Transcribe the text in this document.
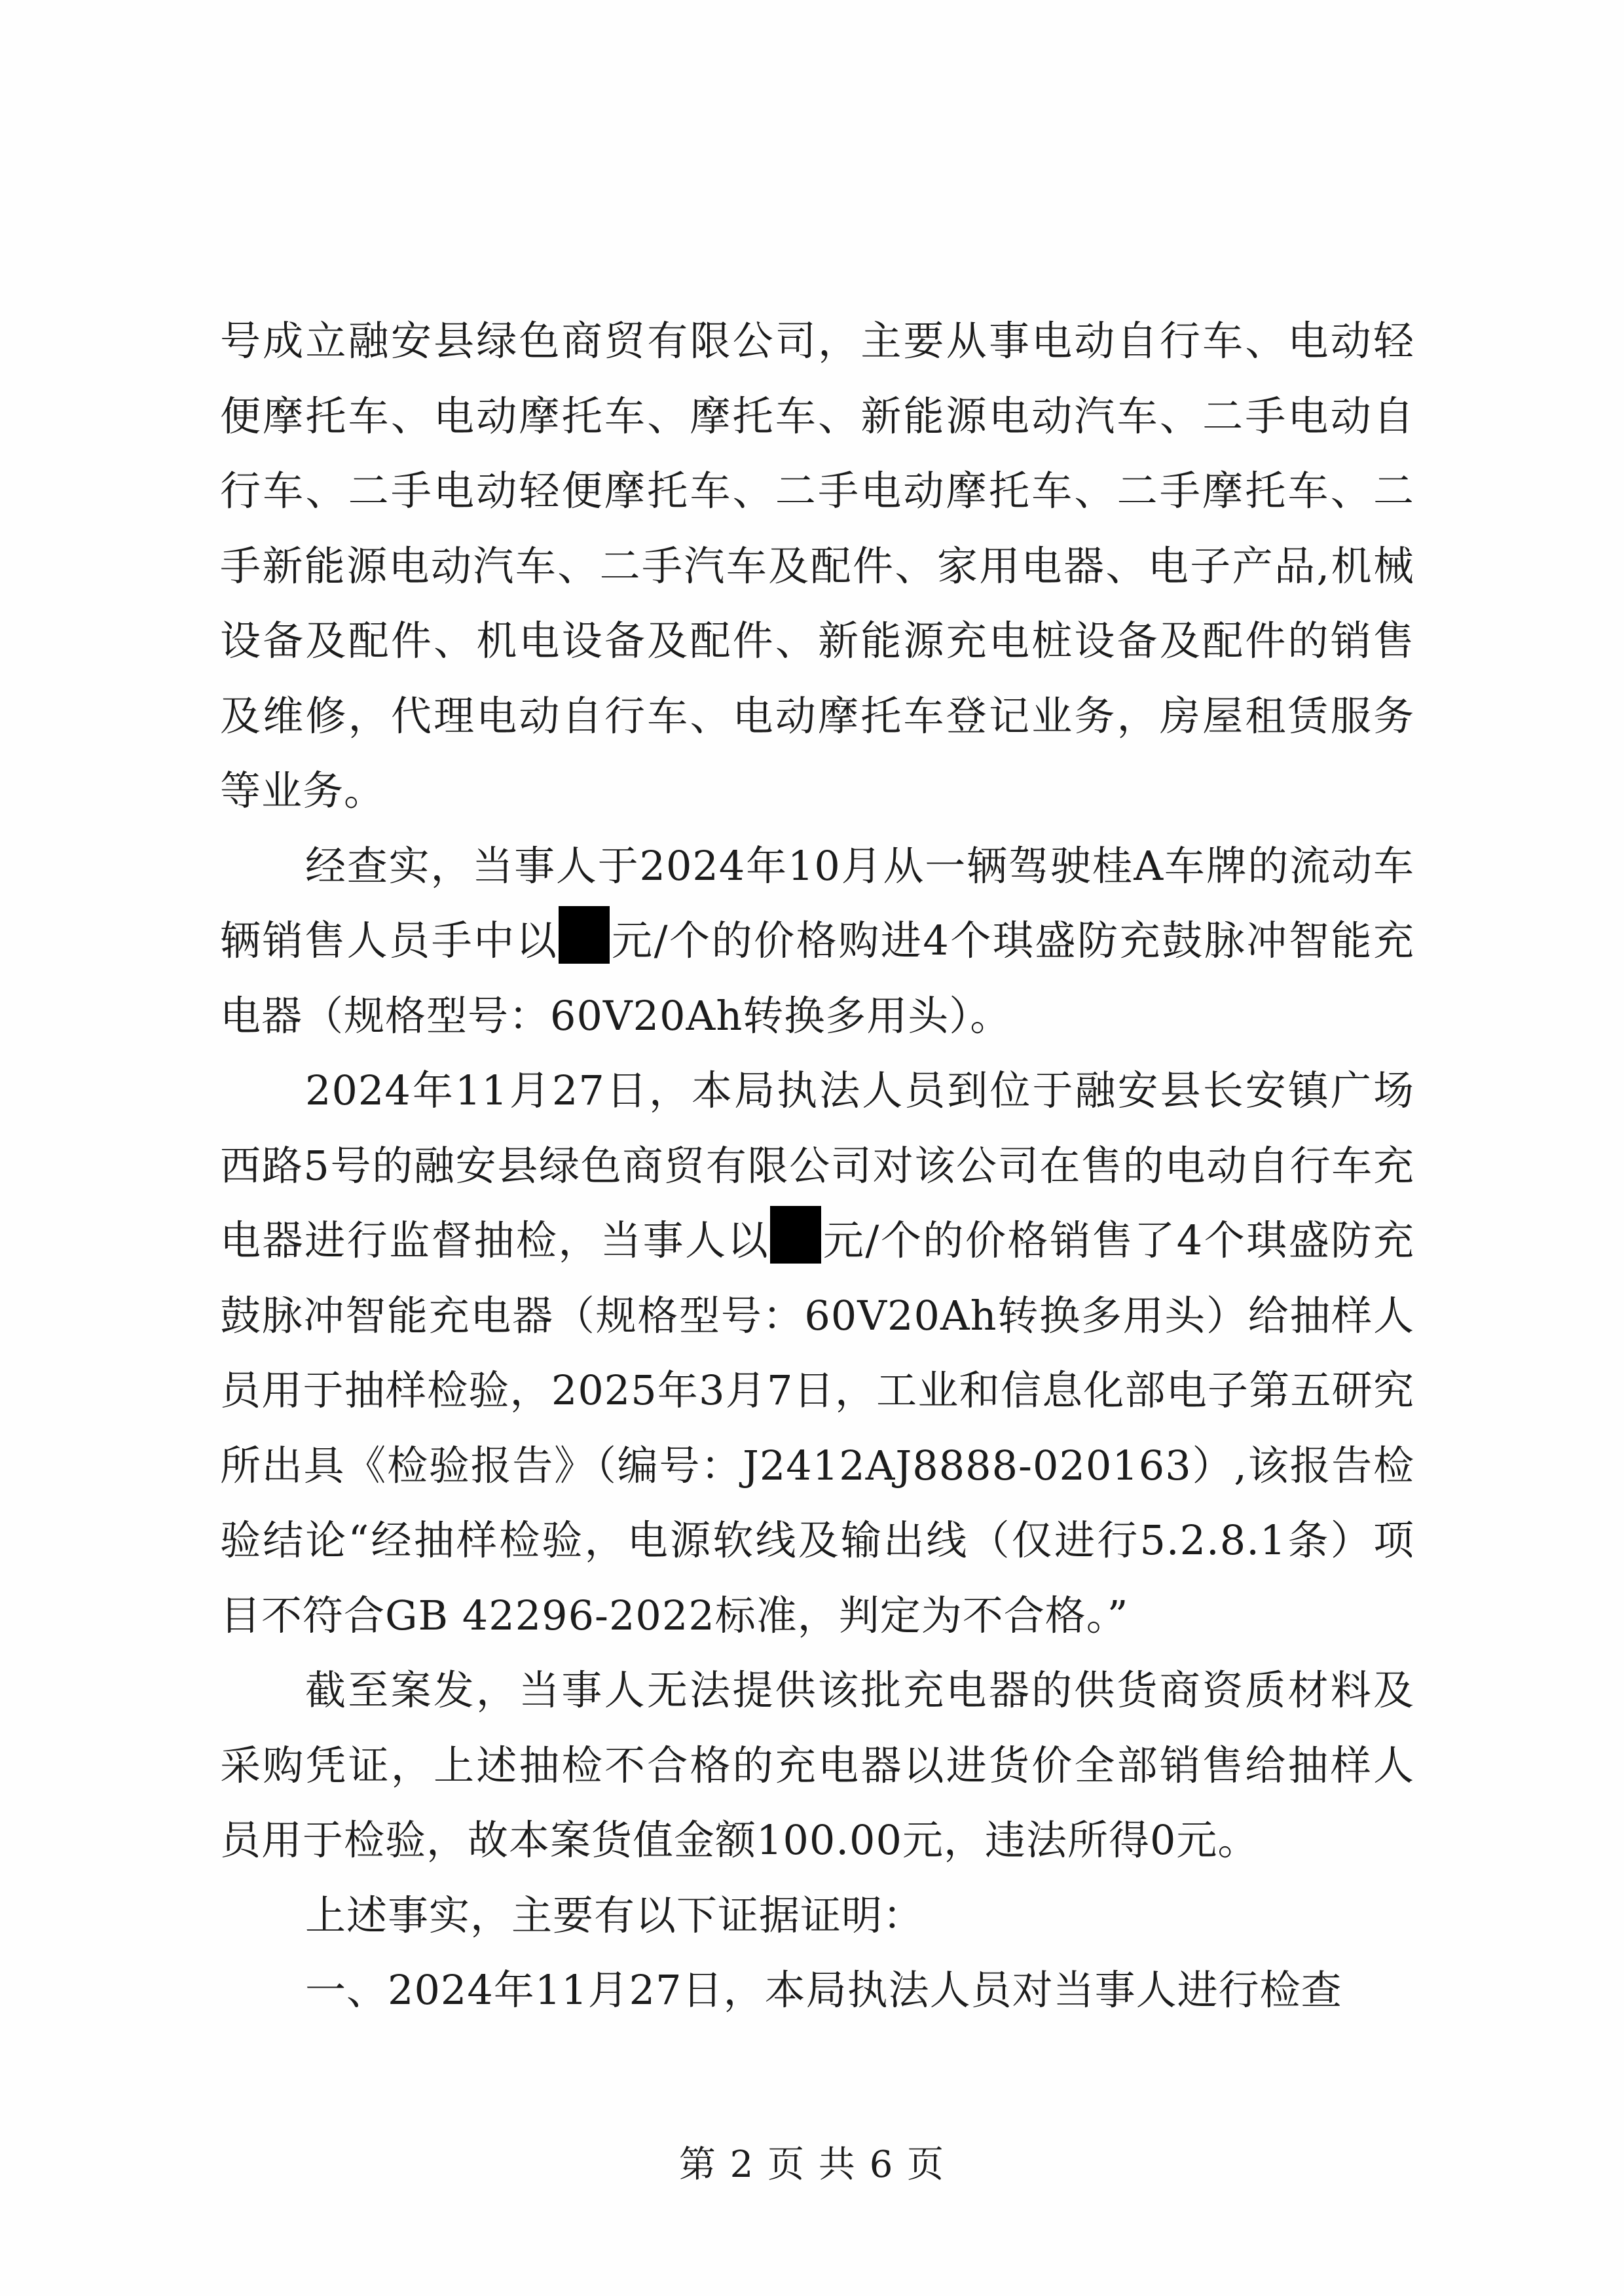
号成立融安县绿色商贸有限公司，主要从事电动自行车、电动轻便摩托车、电动摩托车、摩托车、新能源电动汽车、二手电动自行车、二手电动轻便摩托车、二手电动摩托车、二手摩托车、二手新能源电动汽车、二手汽车及配件、家用电器、电子产品,机械设备及配件、机电设备及配件、新能源充电桩设备及配件的销售及维修，代理电动自行车、电动摩托车登记业务，房屋租赁服务等业务。

经查实，当事人于2024年10月从一辆驾驶桂A车牌的流动车辆销售人员手中以 元/个的价格购进4个琪盛防充鼓脉冲智能充电器（规格型号：60V20Ah转换多用头）。

2024年11月27日，本局执法人员到位于融安县长安镇广场西路5号的融安县绿色商贸有限公司对该公司在售的电动自行车充电器进行监督抽检，当事人以 元/个的价格销售了4个琪盛防充鼓脉冲智能充电器（规格型号：60V20Ah转换多用头）给抽样人员用于抽样检验，2025年3月7日，工业和信息化部电子第五研究所出具《检验报告》（编号：J2412AJ8888-020163）,该报告检验结论“经抽样检验，电源软线及输出线（仅进行5.2.8.1条）项目不符合GB 42296-2022标准，判定为不合格。”

截至案发，当事人无法提供该批充电器的供货商资质材料及采购凭证，上述抽检不合格的充电器以进货价全部销售给抽样人员用于检验，故本案货值金额100.00元，违法所得0元。

上述事实，主要有以下证据证明：

一、2024年11月27日，本局执法人员对当事人进行检查

第 2 页 共 6 页
